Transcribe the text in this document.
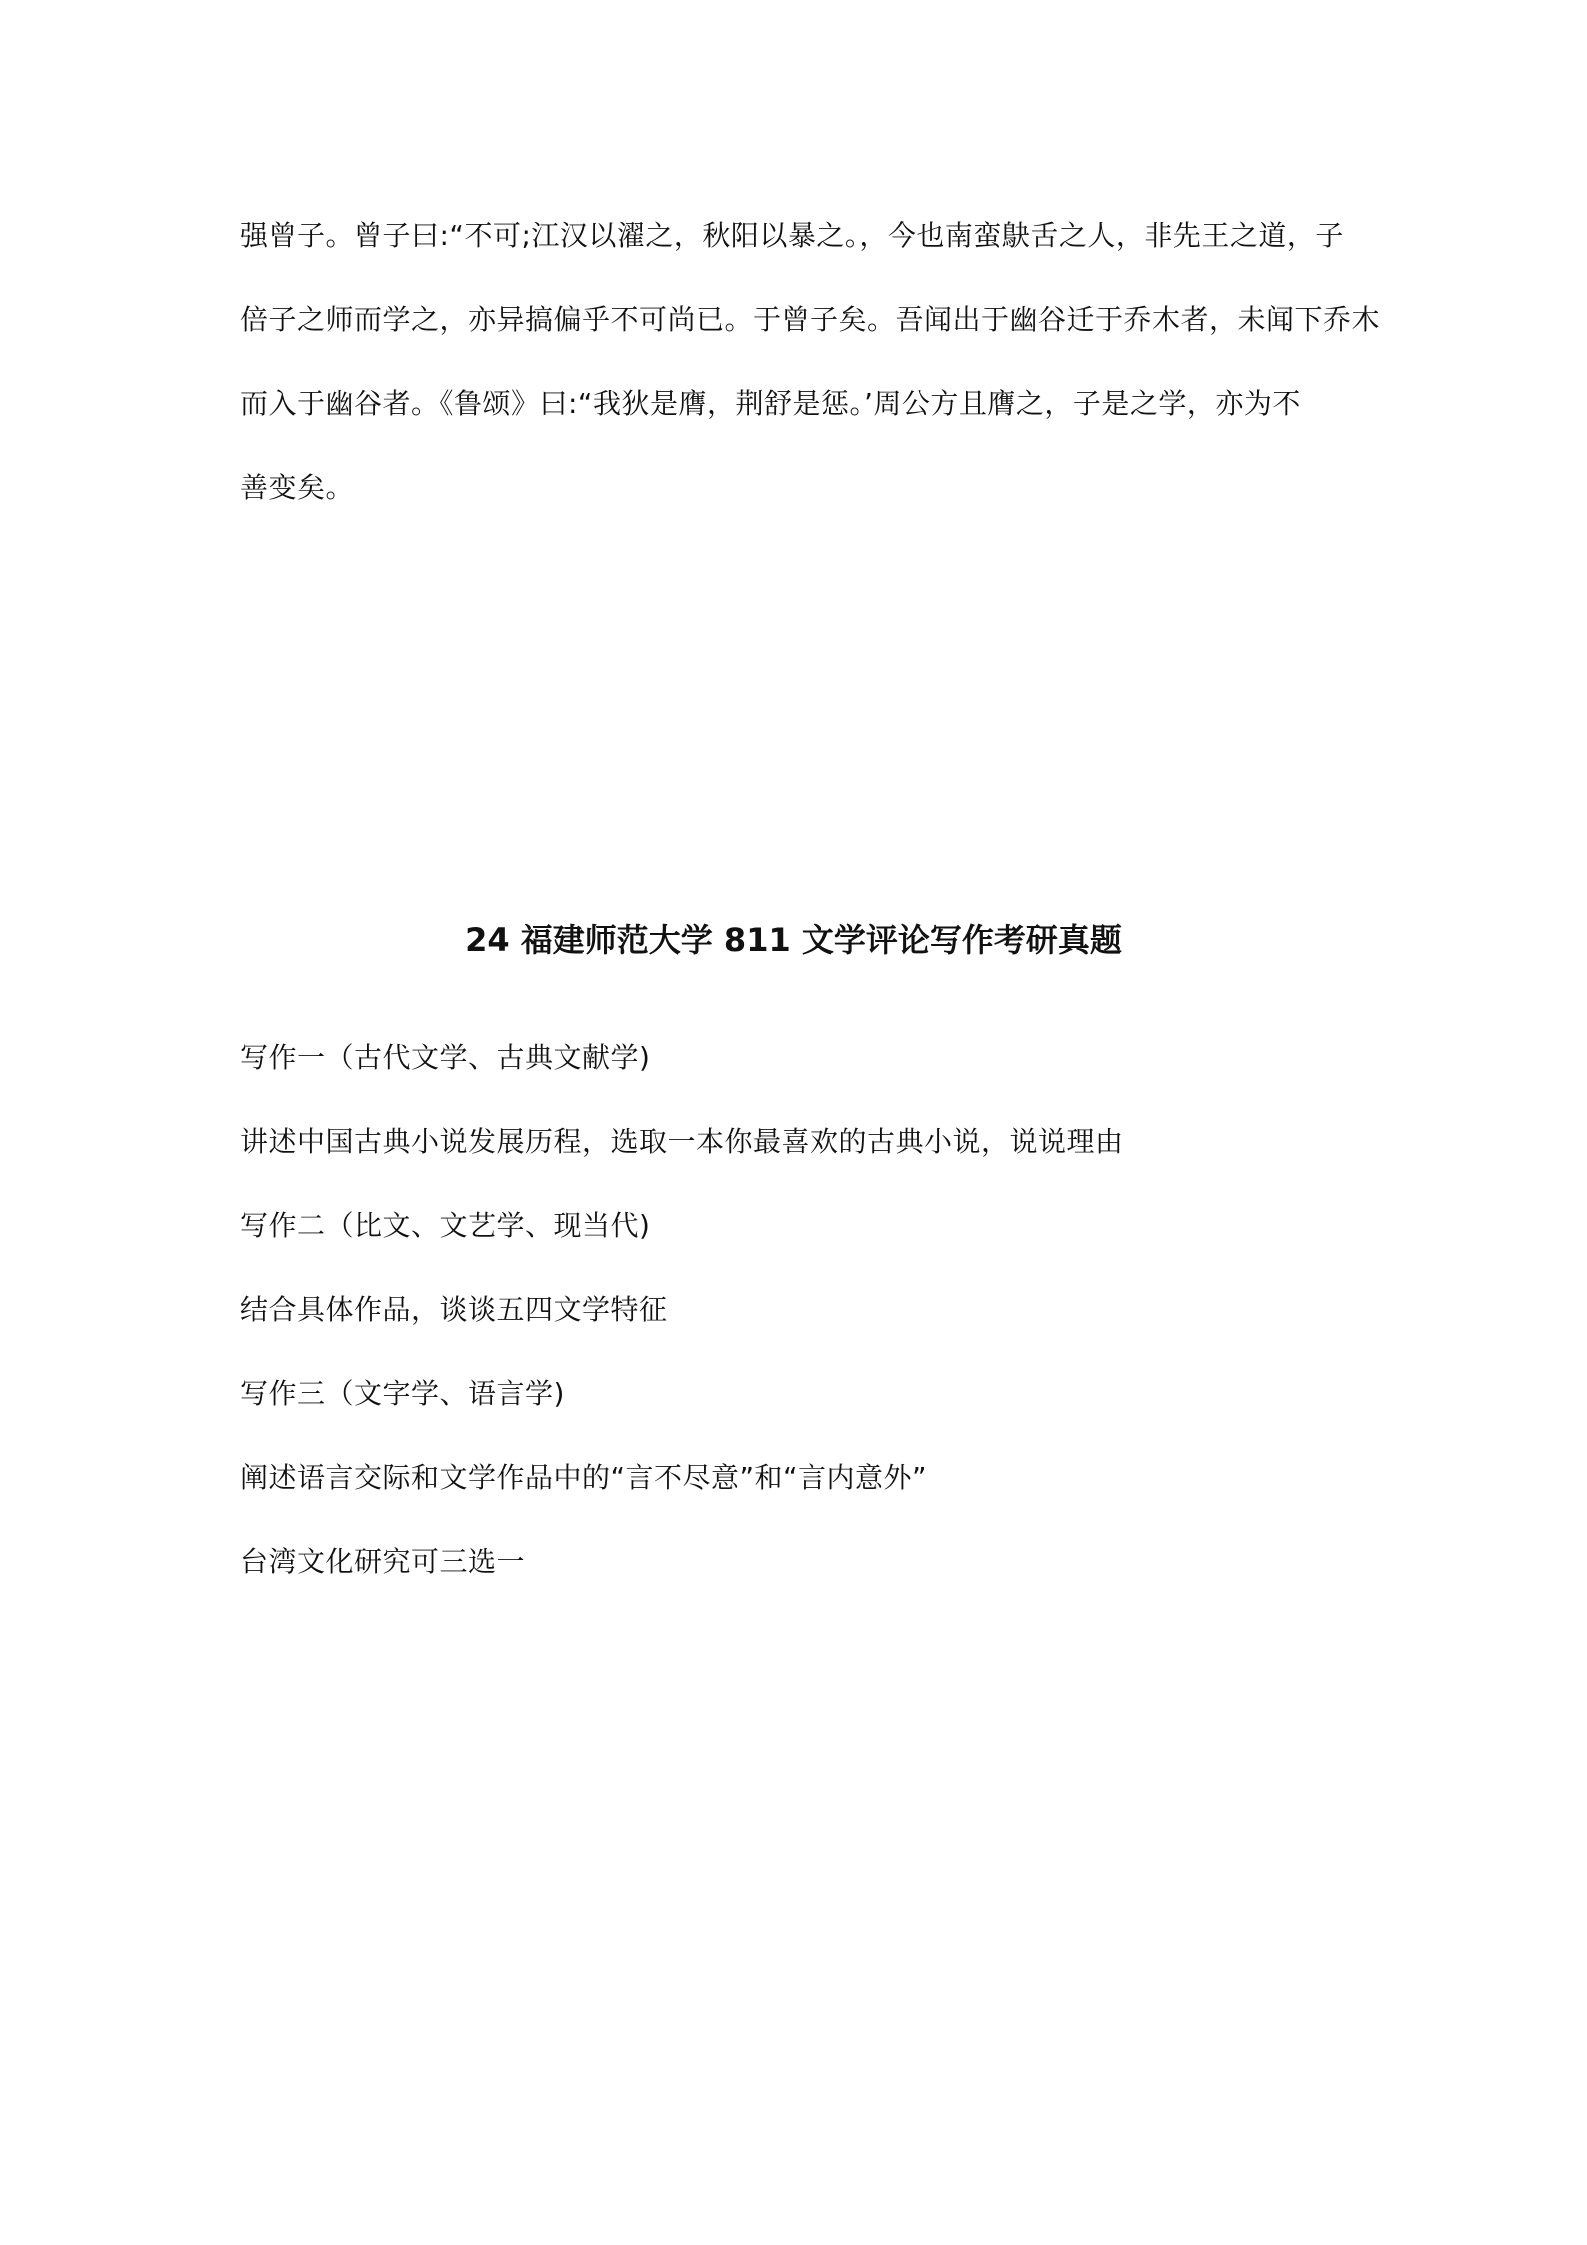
强曾子。曾子曰:“不可;江汉以濯之，秋阳以暴之。，今也南蛮鴃舌之人，非先王之道，子
倍子之师而学之，亦异搞偏乎不可尚已。于曾子矣。吾闻出于幽谷迁于乔木者，未闻下乔木
而入于幽谷者。《鲁颂》曰:“我狄是膺，荆舒是惩。’周公方且膺之，子是之学，亦为不
善变矣。
24 福建师范大学 811 文学评论写作考研真题
写作一（古代文学、古典文献学)
讲述中国古典小说发展历程，选取一本你最喜欢的古典小说，说说理由
写作二（比文、文艺学、现当代)
结合具体作品，谈谈五四文学特征
写作三（文字学、语言学)
阐述语言交际和文学作品中的“言不尽意”和“言内意外”
台湾文化研究可三选一
